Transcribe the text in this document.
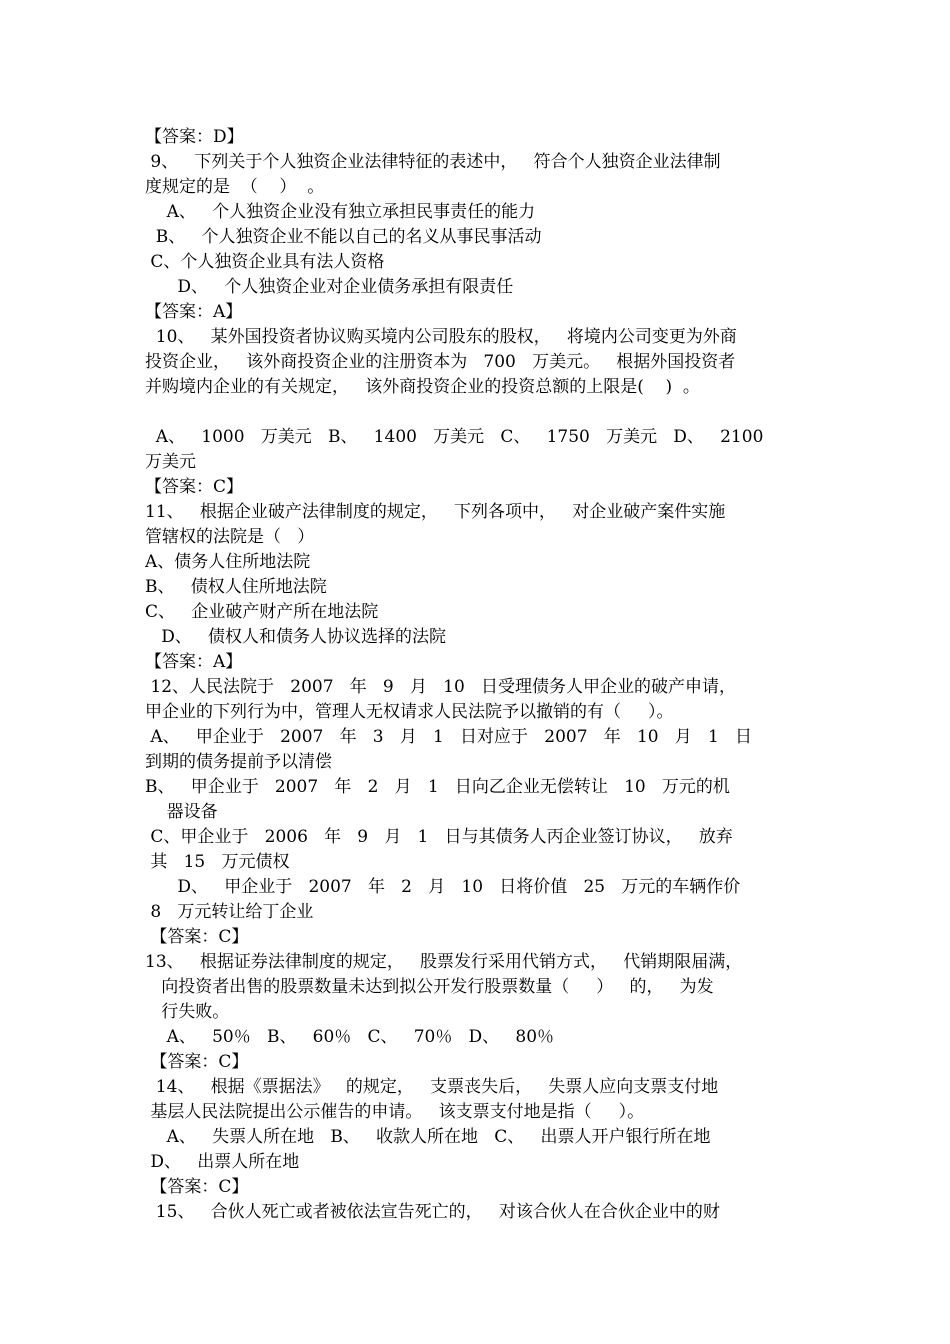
【答案：D】
9、   下列关于个人独资企业法律特征的表述中，   符合个人独资企业法律制
度规定的是  （    ）  。
A、   个人独资企业没有独立承担民事责任的能力
B、   个人独资企业不能以自己的名义从事民事活动
C、个人独资企业具有法人资格
D、   个人独资企业对企业债务承担有限责任
【答案：A】
10、   某外国投资者协议购买境内公司股东的股权，   将境内公司变更为外商
投资企业，   该外商投资企业的注册资本为   700   万美元。   根据外国投资者
并购境内企业的有关规定，   该外商投资企业的投资总额的上限是(    )  。
A、   1000   万美元   B、   1400   万美元   C、   1750   万美元   D、   2100
万美元
【答案：C】
11、   根据企业破产法律制度的规定，   下列各项中，   对企业破产案件实施
管辖权的法院是（   ）
A、债务人住所地法院
B、   债权人住所地法院
C、   企业破产财产所在地法院
D、   债权人和债务人协议选择的法院
【答案：A】
12、人民法院于   2007   年   9   月   10   日受理债务人甲企业的破产申请，
甲企业的下列行为中，管理人无权请求人民法院予以撤销的有（     ）。
A、   甲企业于   2007   年   3   月   1   日对应于   2007   年   10   月   1   日
到期的债务提前予以清偿
B、   甲企业于   2007   年   2   月   1   日向乙企业无偿转让   10   万元的机
器设备
C、甲企业于   2006   年   9   月   1   日与其债务人丙企业签订协议，   放弃
其   15   万元债权
D、   甲企业于   2007   年   2   月   10   日将价值   25   万元的车辆作价
8   万元转让给丁企业
【答案：C】
13、   根据证券法律制度的规定，   股票发行采用代销方式，   代销期限届满，
向投资者出售的股票数量未达到拟公开发行股票数量（     ）   的，   为发
行失败。
A、   50％   B、   60％   C、   70％   D、   80％
【答案：C】
14、   根据《票据法》   的规定，   支票丧失后，   失票人应向支票支付地
基层人民法院提出公示催告的申请。   该支票支付地是指（     ）。
A、   失票人所在地   B、   收款人所在地   C、   出票人开户银行所在地
D、   出票人所在地
【答案：C】
15、   合伙人死亡或者被依法宣告死亡的，   对该合伙人在合伙企业中的财
